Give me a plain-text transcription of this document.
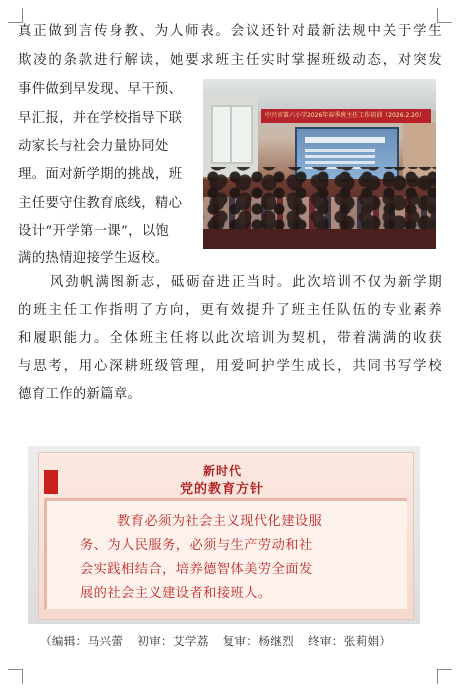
真正做到言传身教、为人师表。会议还针对最新法规中关于学生
欺凌的条款进行解读，她要求班主任实时掌握班级动态，对突发
事件做到早发现、早干预、
早汇报，并在学校指导下联
动家长与社会力量协同处
理。面对新学期的挑战，班
主任要守住教育底线，精心
设计“开学第一课”，以饱
满的热情迎接学生返校。
中兴市第六小学2026年春季班主任工作培训（2026.2.20）
风劲帆满图新志，砥砺奋进正当时。此次培训不仅为新学期
的班主任工作指明了方向，更有效提升了班主任队伍的专业素养
和履职能力。全体班主任将以此次培训为契机，带着满满的收获
与思考，用心深耕班级管理，用爱呵护学生成长，共同书写学校
德育工作的新篇章。
新时代
党的教育方针
教育必须为社会主义现代化建设服
务、为人民服务，必须与生产劳动和社
会实践相结合，培养德智体美劳全面发
展的社会主义建设者和接班人。
（编辑：马兴蕾 初审：艾学荔 复审：杨继烈 终审：张莉娟）
